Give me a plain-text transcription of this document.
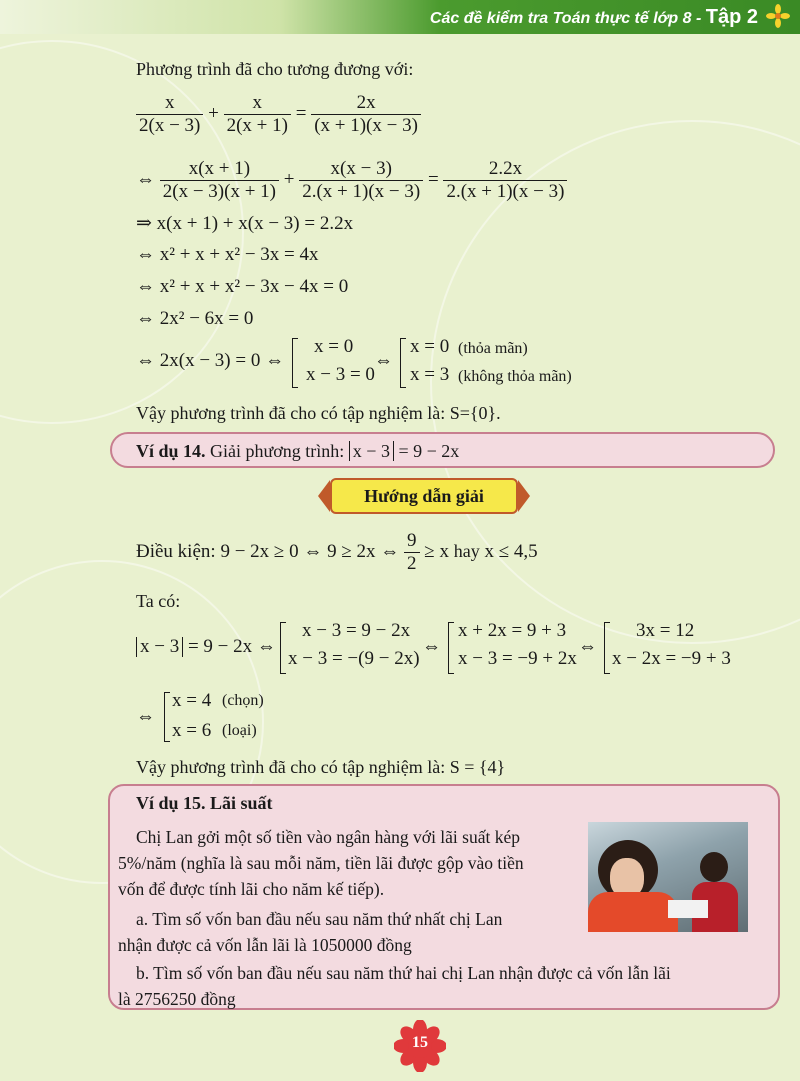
Các đề kiểm tra Toán thực tế lớp 8 - Tập 2
Phương trình đã cho tương đương với:
$\frac{x}{2(x - 3)} + \frac{x}{2(x + 1)} = \frac{2x}{(x + 1)(x - 3)}$
⇔ $\frac{x(x + 1)}{2(x - 3)(x + 1)} + \frac{x(x - 3)}{2.(x + 1)(x - 3)} = \frac{2.2x}{2.(x + 1)(x - 3)}$
⇒ x(x + 1) + x(x − 3) = 2.2x
⇔ x² + x + x² − 3x = 4x
⇔ x² + x + x² − 3x − 4x = 0
⇔ 2x² − 6x = 0
⇔ 2x(x − 3) = 0 ⇔
x = 0
x − 3 = 0
⇔
x = 0 (thỏa mãn)
x = 3 (không thỏa mãn)
Vậy phương trình đã cho có tập nghiệm là: S={0}.
Ví dụ 14. Giải phương trình: x − 3 = 9 − 2x
Hướng dẫn giải
Điều kiện: 9 − 2x ≥ 0 ⇔ 9 ≥ 2x ⇔ $\frac{9}{2} \ge x$ hay x ≤ 4,5
Ta có:
x − 3 = 9 − 2x ⇔
x − 3 = 9 − 2x
x − 3 = −(9 − 2x)
⇔
x + 2x = 9 + 3
x − 3 = −9 + 2x
⇔
3x = 12
x − 2x = −9 + 3
⇔
x = 4 (chọn)
x = 6 (loại)
Vậy phương trình đã cho có tập nghiệm là: S = {4}
Ví dụ 15. Lãi suất
Chị Lan gởi một số tiền vào ngân hàng với lãi suất kép
5%/năm (nghĩa là sau mỗi năm, tiền lãi được gộp vào tiền
vốn để được tính lãi cho năm kế tiếp).
a. Tìm số vốn ban đầu nếu sau năm thứ nhất chị Lan
nhận được cả vốn lẫn lãi là 1050000 đồng
b. Tìm số vốn ban đầu nếu sau năm thứ hai chị Lan nhận được cả vốn lẫn lãi
là 2756250 đồng
15
